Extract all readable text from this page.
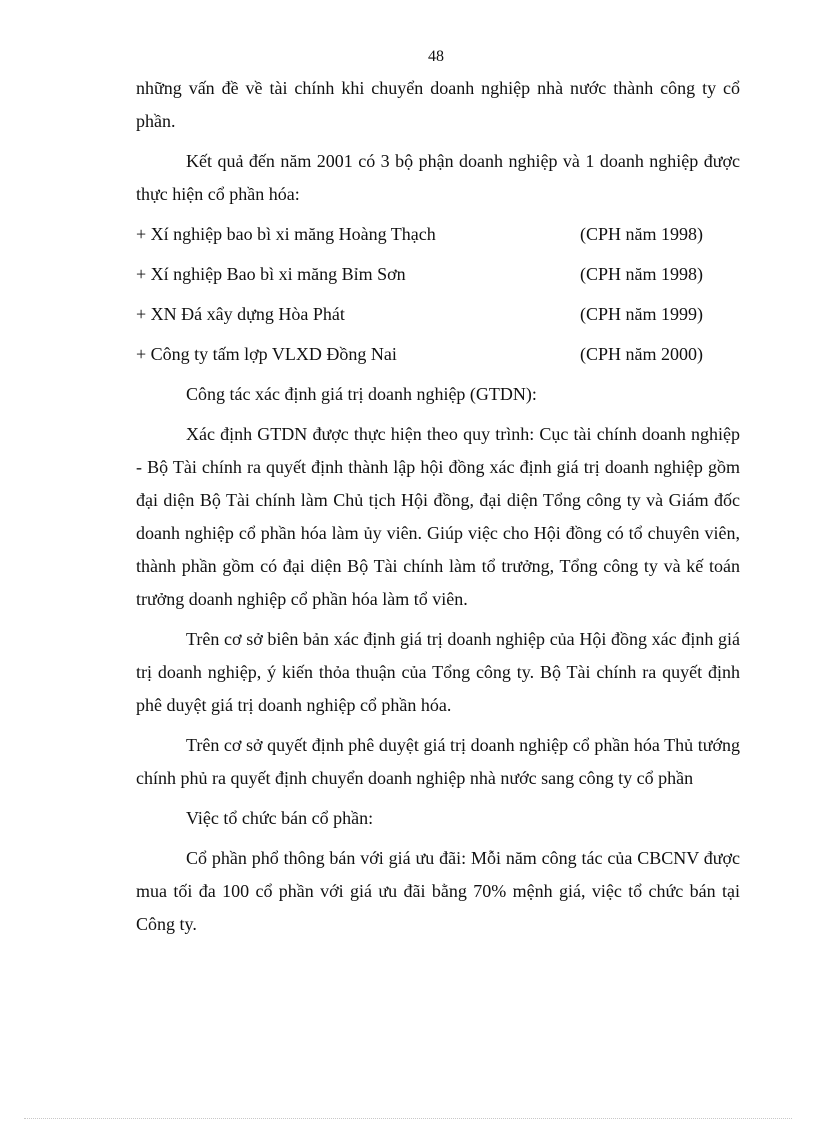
48

những vấn đề về tài chính khi chuyển doanh nghiệp nhà nước thành công ty cổ phần.

Kết quả đến năm 2001 có 3 bộ phận doanh nghiệp và 1 doanh nghiệp được thực hiện cổ phần hóa:

+ Xí nghiệp bao bì xi măng Hoàng Thạch	(CPH năm 1998)
+ Xí nghiệp Bao bì xi măng Bỉm Sơn	(CPH năm 1998)
+ XN Đá xây dựng Hòa Phát	(CPH năm 1999)
+ Công ty tấm lợp VLXD Đồng Nai	(CPH năm 2000)

Công tác xác định giá trị doanh nghiệp (GTDN):

Xác định GTDN được thực hiện theo quy trình: Cục tài chính doanh nghiệp - Bộ Tài chính ra quyết định thành lập hội đồng xác định giá trị doanh nghiệp gồm đại diện Bộ Tài chính làm Chủ tịch Hội đồng, đại diện Tổng công ty và Giám đốc doanh nghiệp cổ phần hóa làm ủy viên. Giúp việc cho Hội đồng có tổ chuyên viên, thành phần gồm có đại diện Bộ Tài chính làm tổ trưởng, Tổng công ty và kế toán trưởng doanh nghiệp cổ phần hóa làm tổ viên.

Trên cơ sở biên bản xác định giá trị doanh nghiệp của Hội đồng xác định giá trị doanh nghiệp, ý kiến thỏa thuận của Tổng công ty. Bộ Tài chính ra quyết định phê duyệt giá trị doanh nghiệp cổ phần hóa.

Trên cơ sở quyết định phê duyệt giá trị doanh nghiệp cổ phần hóa Thủ tướng chính phủ ra quyết định chuyển doanh nghiệp nhà nước sang công ty cổ phần

Việc tổ chức bán cổ phần:

Cổ phần phổ thông bán với giá ưu đãi: Mỗi năm công tác của CBCNV được mua tối đa 100 cổ phần với giá ưu đãi bằng 70% mệnh giá, việc tổ chức bán tại Công ty.
